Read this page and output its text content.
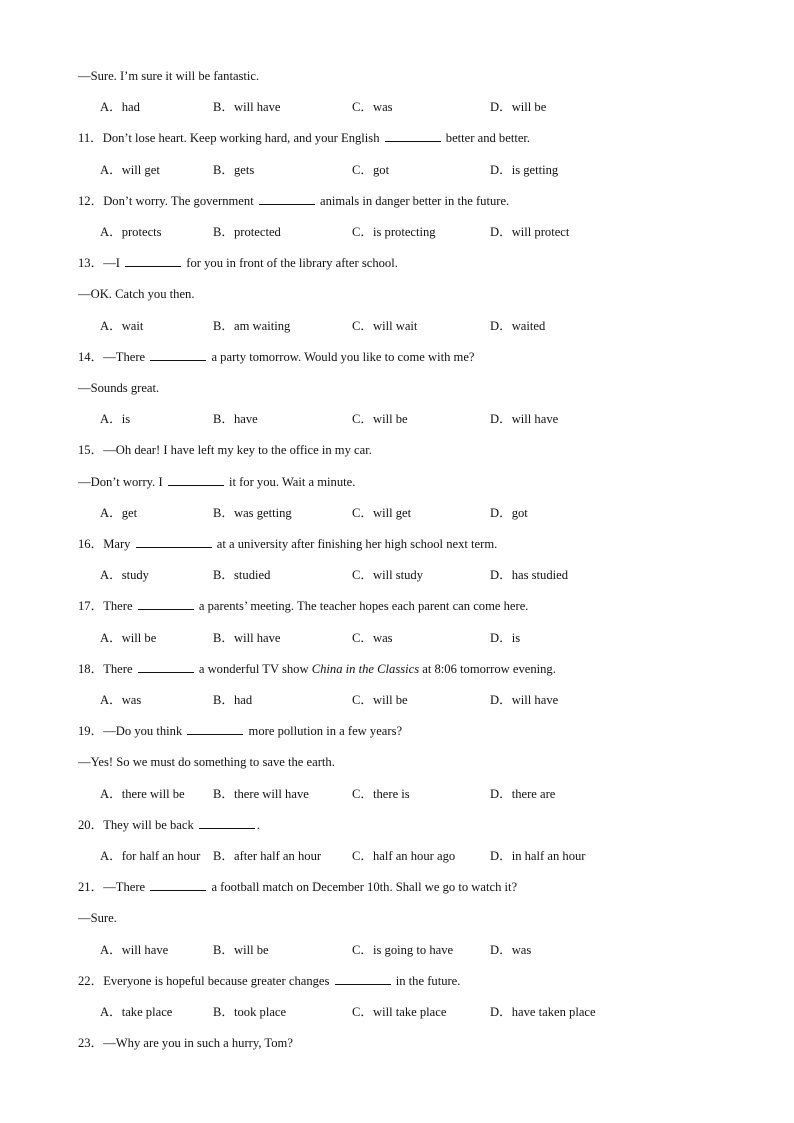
—Sure. I’m sure it will be fantastic.
A．had	B．will have	C．was	D．will be
11．Don’t lose heart. Keep working hard, and your English	better and better.
A．will get	B．gets	C．got	D．is getting
12．Don’t worry. The government	animals in danger better in the future.
A．protects	B．protected	C．is protecting	D．will protect
13．—I	for you in front of the library after school.
—OK. Catch you then.
A．wait	B．am waiting	C．will wait	D．waited
14．—There	a party tomorrow. Would you like to come with me?
—Sounds great.
A．is	B．have	C．will be	D．will have
15．—Oh dear! I have left my key to the office in my car.
—Don’t worry. I	it for you. Wait a minute.
A．get	B．was getting	C．will get	D．got
16．Mary	at a university after finishing her high school next term.
A．study	B．studied	C．will study	D．has studied
17．There	a parents’ meeting. The teacher hopes each parent can come here.
A．will be	B．will have	C．was	D．is
18．There	a wonderful TV show China in the Classics at 8:06 tomorrow evening.
A．was	B．had	C．will be	D．will have
19．—Do you think	more pollution in a few years?
—Yes! So we must do something to save the earth.
A．there will be B．there will have	C．there is	D．there are
20．They will be back	.
A．for half an hour B．after half an hour C．half an hour ago	D．in half an hour
21．—There	a football match on December 10th. Shall we go to watch it?
—Sure.
A．will have	B．will be	C．is going to have	D．was
22．Everyone is hopeful because greater changes	in the future.
A．take place	B．took place	C．will take place	D．have taken place
23．—Why are you in such a hurry, Tom?
